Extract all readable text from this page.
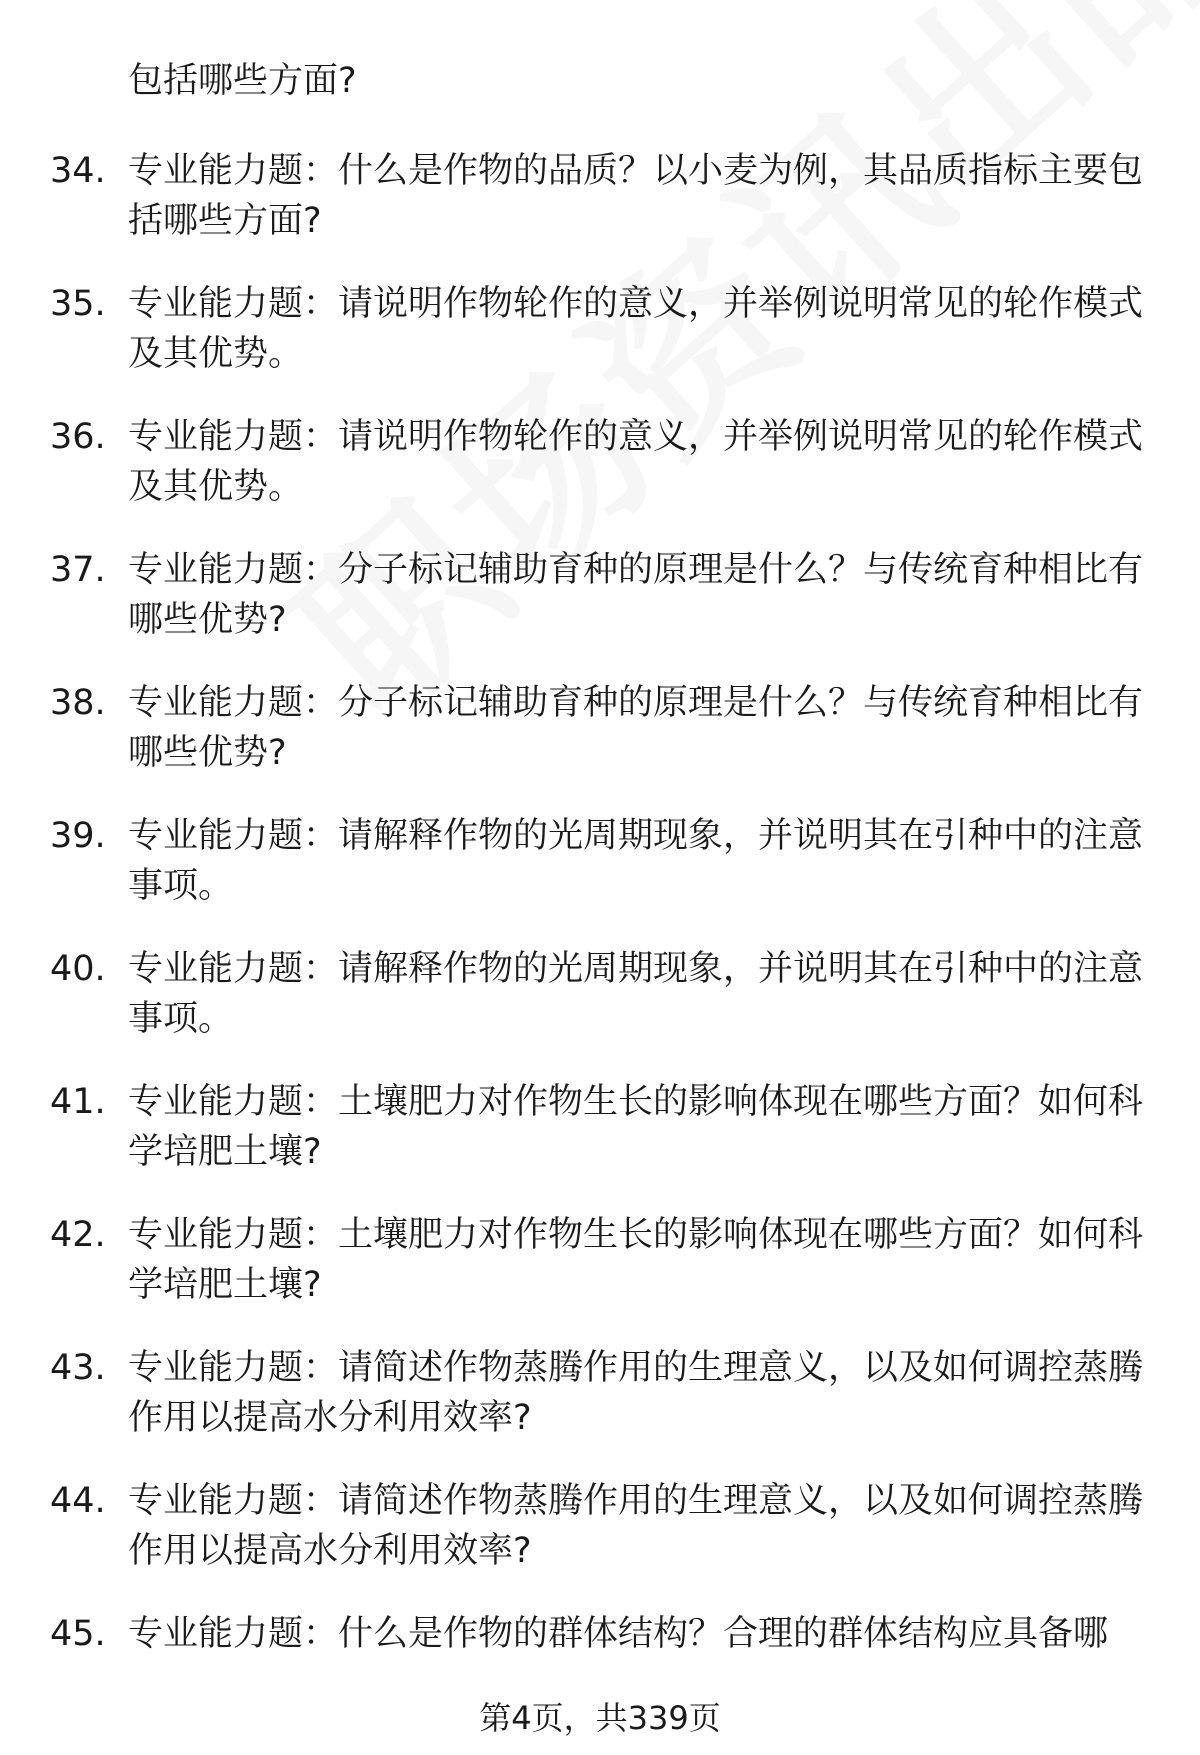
包括哪些方面?
34. 专业能力题：什么是作物的品质？以小麦为例，其品质指标主要包括哪些方面?
35. 专业能力题：请说明作物轮作的意义，并举例说明常见的轮作模式及其优势。
36. 专业能力题：请说明作物轮作的意义，并举例说明常见的轮作模式及其优势。
37. 专业能力题：分子标记辅助育种的原理是什么？与传统育种相比有哪些优势?
38. 专业能力题：分子标记辅助育种的原理是什么？与传统育种相比有哪些优势?
39. 专业能力题：请解释作物的光周期现象，并说明其在引种中的注意事项。
40. 专业能力题：请解释作物的光周期现象，并说明其在引种中的注意事项。
41. 专业能力题：土壤肥力对作物生长的影响体现在哪些方面？如何科学培肥土壤?
42. 专业能力题：土壤肥力对作物生长的影响体现在哪些方面？如何科学培肥土壤?
43. 专业能力题：请简述作物蒸腾作用的生理意义，以及如何调控蒸腾作用以提高水分利用效率?
44. 专业能力题：请简述作物蒸腾作用的生理意义，以及如何调控蒸腾作用以提高水分利用效率?
45. 专业能力题：什么是作物的群体结构？合理的群体结构应具备哪
第4页，共339页
